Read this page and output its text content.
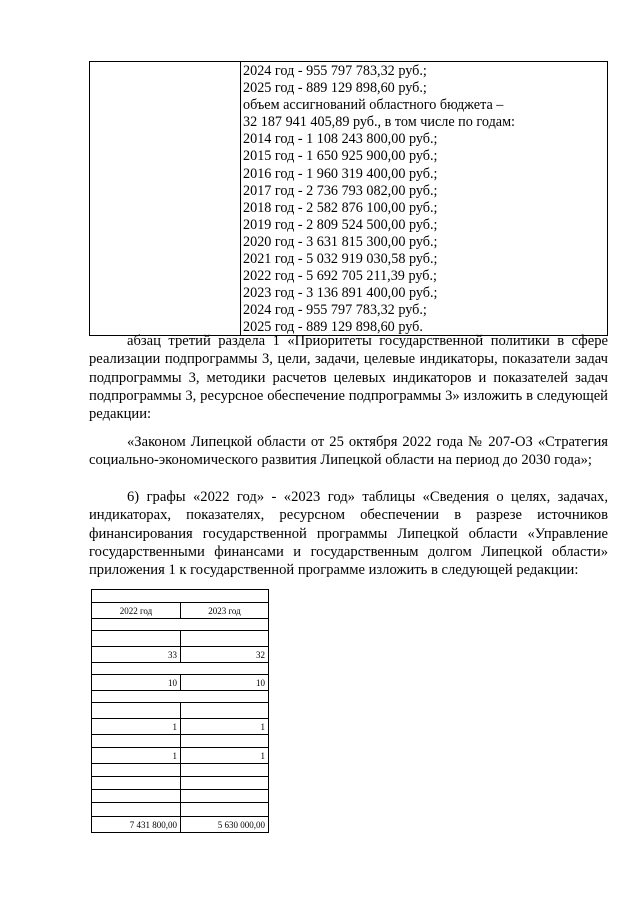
2024 год - 955 797 783,32 руб.;
2025 год - 889 129 898,60 руб.;
объем ассигнований областного бюджета –
32 187 941 405,89 руб., в том числе по годам:
2014 год - 1 108 243 800,00 руб.;
2015 год - 1 650 925 900,00 руб.;
2016 год - 1 960 319 400,00 руб.;
2017 год - 2 736 793 082,00 руб.;
2018 год - 2 582 876 100,00 руб.;
2019 год - 2 809 524 500,00 руб.;
2020 год - 3 631 815 300,00 руб.;
2021 год - 5 032 919 030,58 руб.;
2022 год - 5 692 705 211,39 руб.;
2023 год - 3 136 891 400,00 руб.;
2024 год - 955 797 783,32 руб.;
2025 год - 889 129 898,60 руб.

абзац третий раздела 1 «Приоритеты государственной политики в сфере реализации подпрограммы 3, цели, задачи, целевые индикаторы, показатели задач подпрограммы 3, методики расчетов целевых индикаторов и показателей задач подпрограммы 3, ресурсное обеспечение подпрограммы 3» изложить в следующей редакции:

«Законом Липецкой области от 25 октября 2022 года № 207-ОЗ «Стратегия социально-экономического развития Липецкой области на период до 2030 года»;

6) графы «2022 год» - «2023 год» таблицы «Сведения о целях, задачах, индикаторах, показателях, ресурсном обеспечении в разрезе источников финансирования государственной программы Липецкой области «Управление государственными финансами и государственным долгом Липецкой области» приложения 1 к государственной программе изложить в следующей редакции:

2022 год	2023 год
33	32
10	10
1	1
1	1
7 431 800,00	5 630 000,00
